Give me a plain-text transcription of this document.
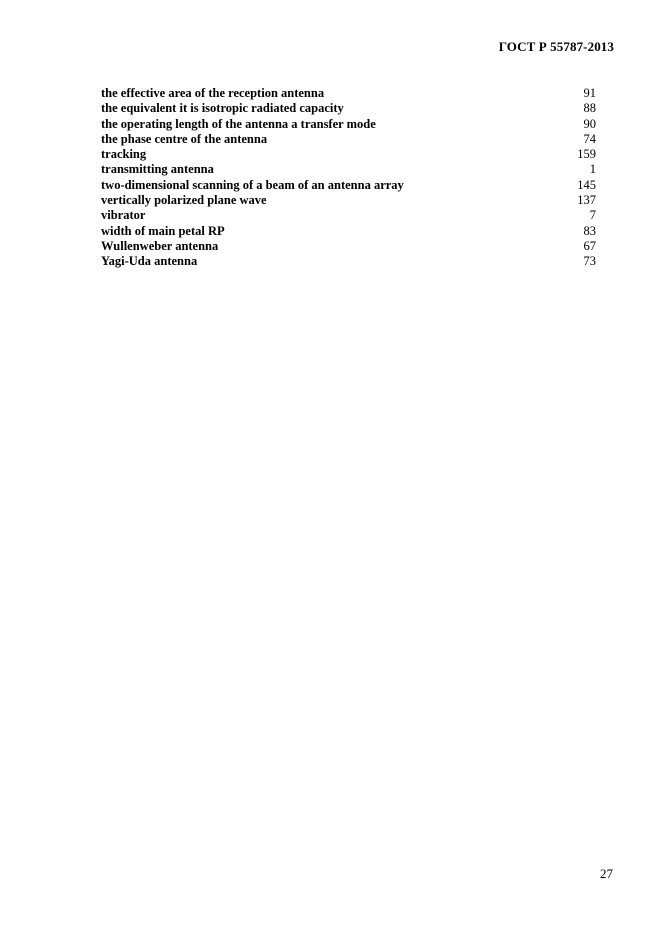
ГОСТ Р 55787-2013
the effective area of the reception antenna	91
the equivalent it is isotropic radiated capacity	88
the operating length of the antenna a transfer mode	90
the phase centre of the antenna	74
tracking	159
transmitting antenna	1
two-dimensional scanning of a beam of an antenna array	145
vertically polarized plane wave	137
vibrator	7
width of main petal RP	83
Wullenweber antenna	67
Yagi-Uda antenna	73
27
